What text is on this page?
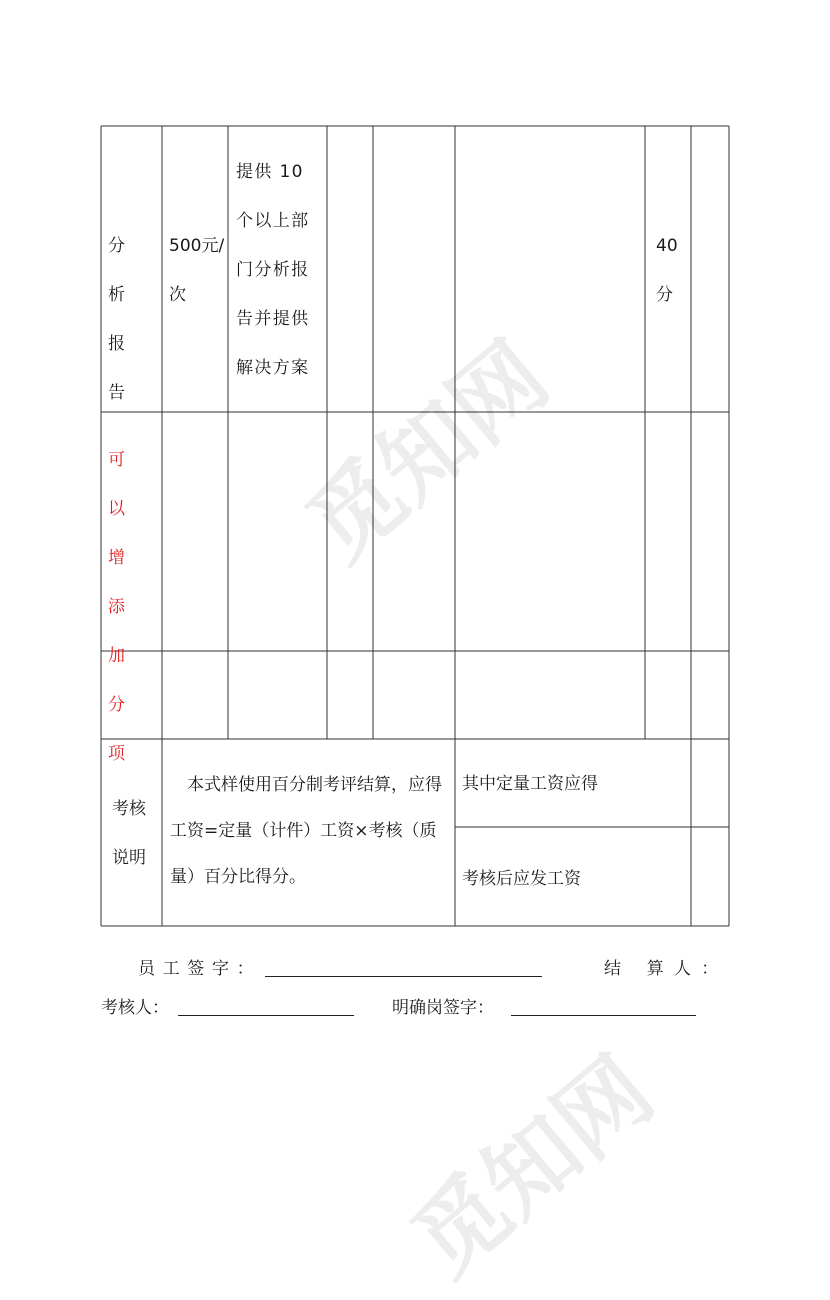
分析报告
500元/次
提供 10 个以上部门分析报告并提供解决方案
40分
可以增添加分项
考核说明
本式样使用百分制考评结算，应得工资=定量（计件）工资×考核（质量）百分比得分。
其中定量工资应得
考核后应发工资
员工签字：	结 算人：
考核人：	明确岗签字：
觅知网
觅知网
